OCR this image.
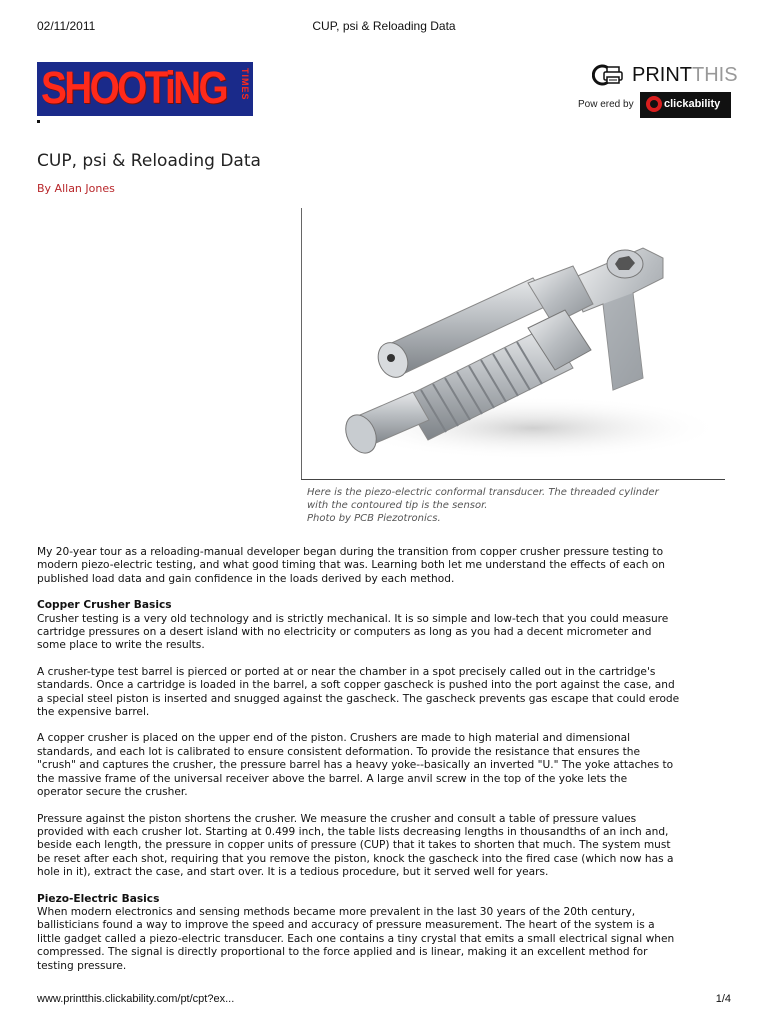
02/11/2011	CUP, psi & Reloading Data
SHOOTiNG TIMES	PRINTTHIS
Pow ered by	clickability
CUP, psi & Reloading Data
By Allan Jones
Here is the piezo-electric conformal transducer. The threaded cylinder
with the contoured tip is the sensor.
Photo by PCB Piezotronics.

My 20-year tour as a reloading-manual developer began during the transition from copper crusher pressure testing to
modern piezo-electric testing, and what good timing that was. Learning both let me understand the effects of each on
published load data and gain confidence in the loads derived by each method.

Copper Crusher Basics

Crusher testing is a very old technology and is strictly mechanical. It is so simple and low-tech that you could measure
cartridge pressures on a desert island with no electricity or computers as long as you had a decent micrometer and
some place to write the results.

A crusher-type test barrel is pierced or ported at or near the chamber in a spot precisely called out in the cartridge's
standards. Once a cartridge is loaded in the barrel, a soft copper gascheck is pushed into the port against the case, and
a special steel piston is inserted and snugged against the gascheck. The gascheck prevents gas escape that could erode
the expensive barrel.

A copper crusher is placed on the upper end of the piston. Crushers are made to high material and dimensional
standards, and each lot is calibrated to ensure consistent deformation. To provide the resistance that ensures the
"crush" and captures the crusher, the pressure barrel has a heavy yoke--basically an inverted "U." The yoke attaches to
the massive frame of the universal receiver above the barrel. A large anvil screw in the top of the yoke lets the
operator secure the crusher.

Pressure against the piston shortens the crusher. We measure the crusher and consult a table of pressure values
provided with each crusher lot. Starting at 0.499 inch, the table lists decreasing lengths in thousandths of an inch and,
beside each length, the pressure in copper units of pressure (CUP) that it takes to shorten that much. The system must
be reset after each shot, requiring that you remove the piston, knock the gascheck into the fired case (which now has a
hole in it), extract the case, and start over. It is a tedious procedure, but it served well for years.

Piezo-Electric Basics

When modern electronics and sensing methods became more prevalent in the last 30 years of the 20th century,
ballisticians found a way to improve the speed and accuracy of pressure measurement. The heart of the system is a
little gadget called a piezo-electric transducer. Each one contains a tiny crystal that emits a small electrical signal when
compressed. The signal is directly proportional to the force applied and is linear, making it an excellent method for
testing pressure.

www.printthis.clickability.com/pt/cpt?ex...	1/4
